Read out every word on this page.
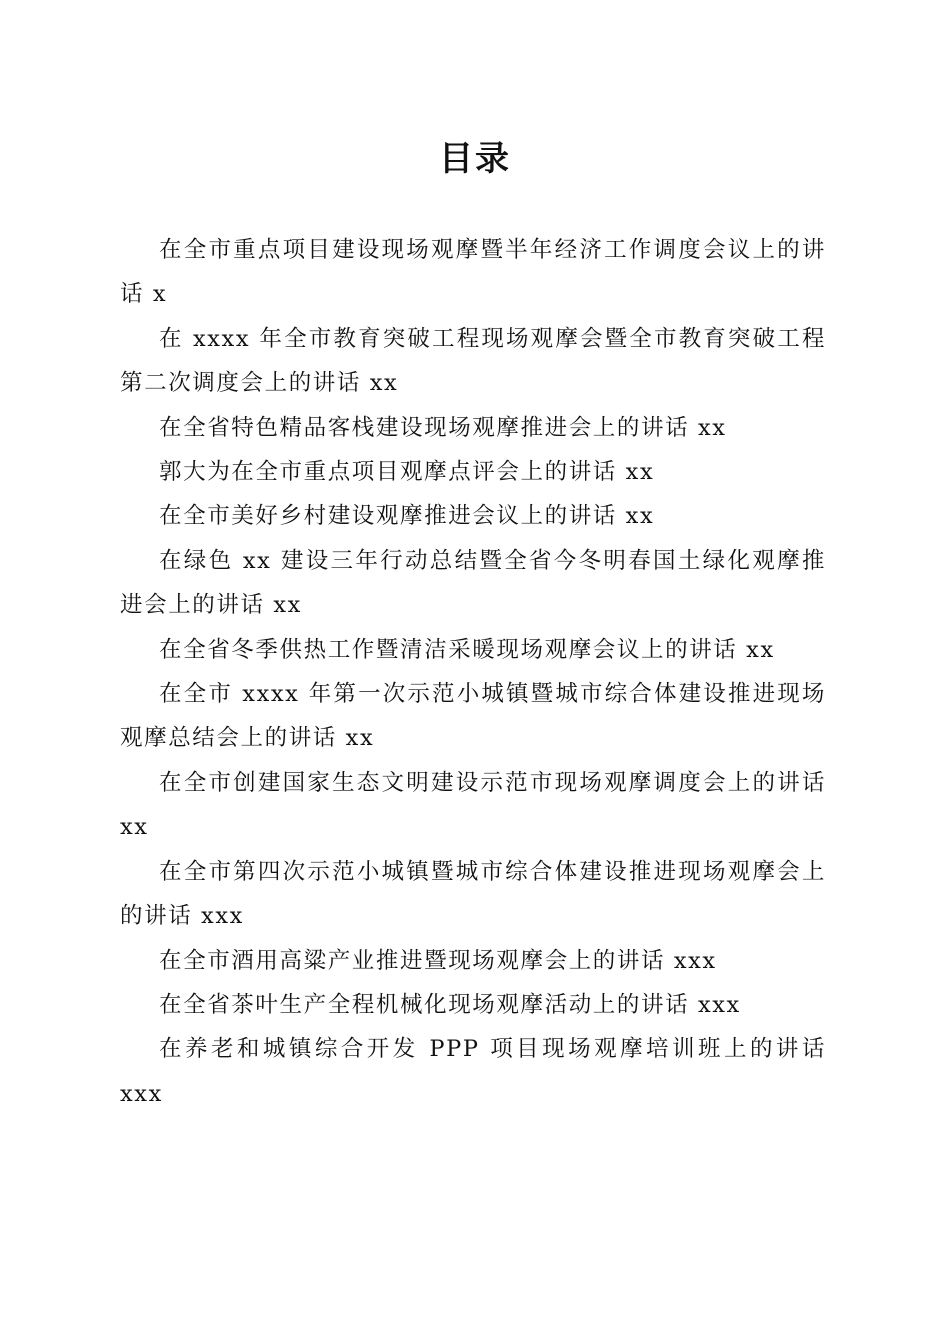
目录

在全市重点项目建设现场观摩暨半年经济工作调度会议上的讲话 x

在 xxxx 年全市教育突破工程现场观摩会暨全市教育突破工程第二次调度会上的讲话 xx

在全省特色精品客栈建设现场观摩推进会上的讲话 xx

郭大为在全市重点项目观摩点评会上的讲话 xx

在全市美好乡村建设观摩推进会议上的讲话 xx

在绿色 xx 建设三年行动总结暨全省今冬明春国土绿化观摩推进会上的讲话 xx

在全省冬季供热工作暨清洁采暖现场观摩会议上的讲话 xx

在全市 xxxx 年第一次示范小城镇暨城市综合体建设推进现场观摩总结会上的讲话 xx

在全市创建国家生态文明建设示范市现场观摩调度会上的讲话 xx

在全市第四次示范小城镇暨城市综合体建设推进现场观摩会上的讲话 xxx

在全市酒用高粱产业推进暨现场观摩会上的讲话 xxx

在全省茶叶生产全程机械化现场观摩活动上的讲话 xxx

在养老和城镇综合开发 PPP 项目现场观摩培训班上的讲话 xxx
